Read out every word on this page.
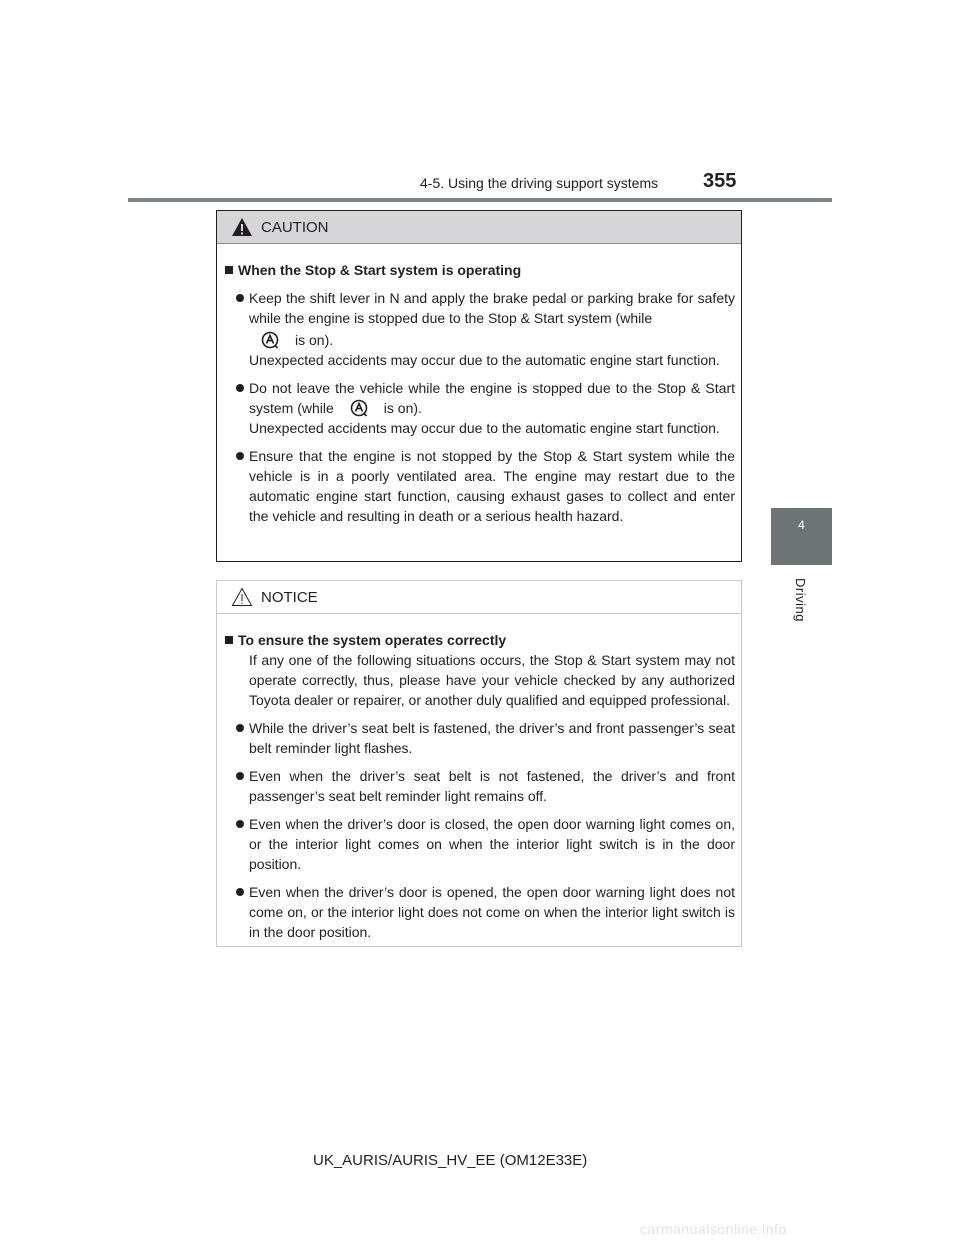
4-5. Using the driving support systems 355
4
Driving
CAUTION
When the Stop & Start system is operating
Keep the shift lever in N and apply the brake pedal or parking brake for safety while the engine is stopped due to the Stop & Start system (while
is on).
Unexpected accidents may occur due to the automatic engine start function.
Do not leave the vehicle while the engine is stopped due to the Stop & Start system (while	is on).
Unexpected accidents may occur due to the automatic engine start function.
Ensure that the engine is not stopped by the Stop & Start system while the vehicle is in a poorly ventilated area. The engine may restart due to the automatic engine start function, causing exhaust gases to collect and enter the vehicle and resulting in death or a serious health hazard.
NOTICE
To ensure the system operates correctly
If any one of the following situations occurs, the Stop & Start system may not operate correctly, thus, please have your vehicle checked by any authorized Toyota dealer or repairer, or another duly qualified and equipped professional.
While the driver’s seat belt is fastened, the driver’s and front passenger’s seat belt reminder light flashes.
Even when the driver’s seat belt is not fastened, the driver’s and front passenger’s seat belt reminder light remains off.
Even when the driver’s door is closed, the open door warning light comes on, or the interior light comes on when the interior light switch is in the door position.
Even when the driver’s door is opened, the open door warning light does not come on, or the interior light does not come on when the interior light switch is in the door position.
UK_AURIS/AURIS_HV_EE (OM12E33E)
carmanualsonline.info
